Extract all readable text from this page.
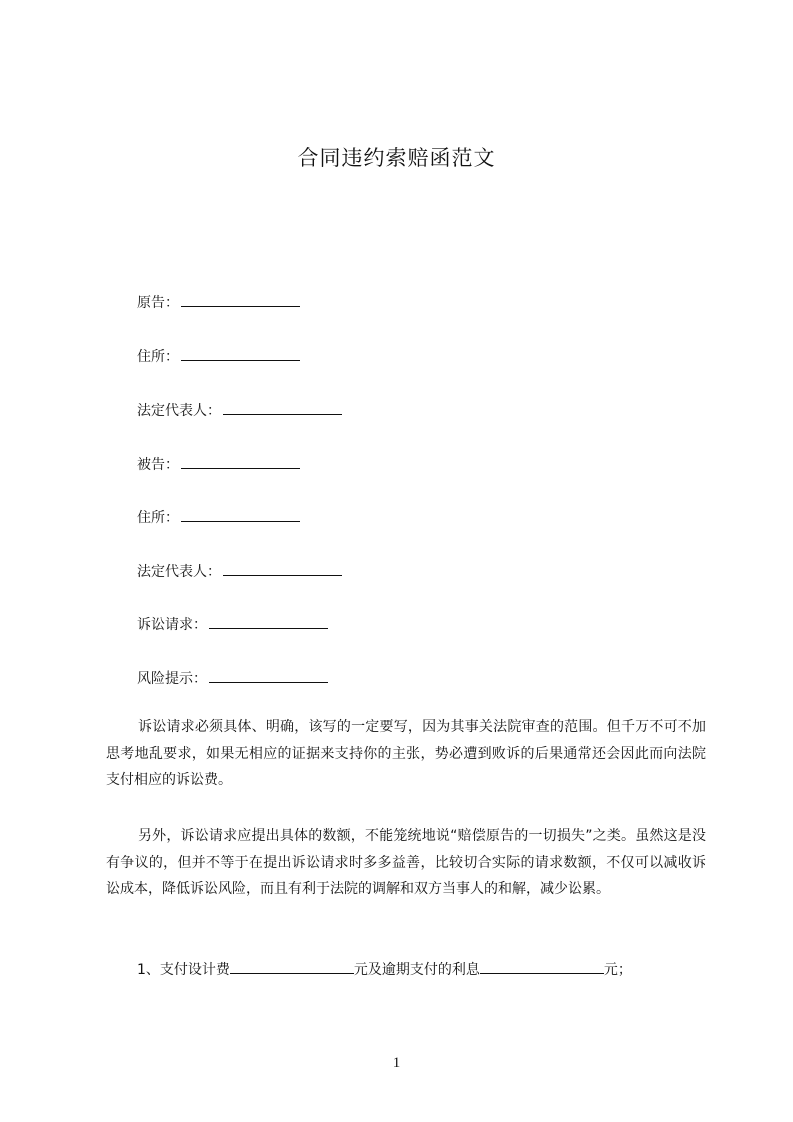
合同违约索赔函范文
原告：
住所：
法定代表人：
被告：
住所：
法定代表人：
诉讼请求：
风险提示：
诉讼请求必须具体、明确，该写的一定要写，因为其事关法院审查的范围。但千万不可不加思考地乱要求，如果无相应的证据来支持你的主张，势必遭到败诉的后果通常还会因此而向法院支付相应的诉讼费。
另外，诉讼请求应提出具体的数额，不能笼统地说“赔偿原告的一切损失”之类。虽然这是没有争议的，但并不等于在提出诉讼请求时多多益善，比较切合实际的请求数额，不仅可以减收诉讼成本，降低诉讼风险，而且有利于法院的调解和双方当事人的和解，减少讼累。
1、支付设计费	元及逾期支付的利息	元；
1
